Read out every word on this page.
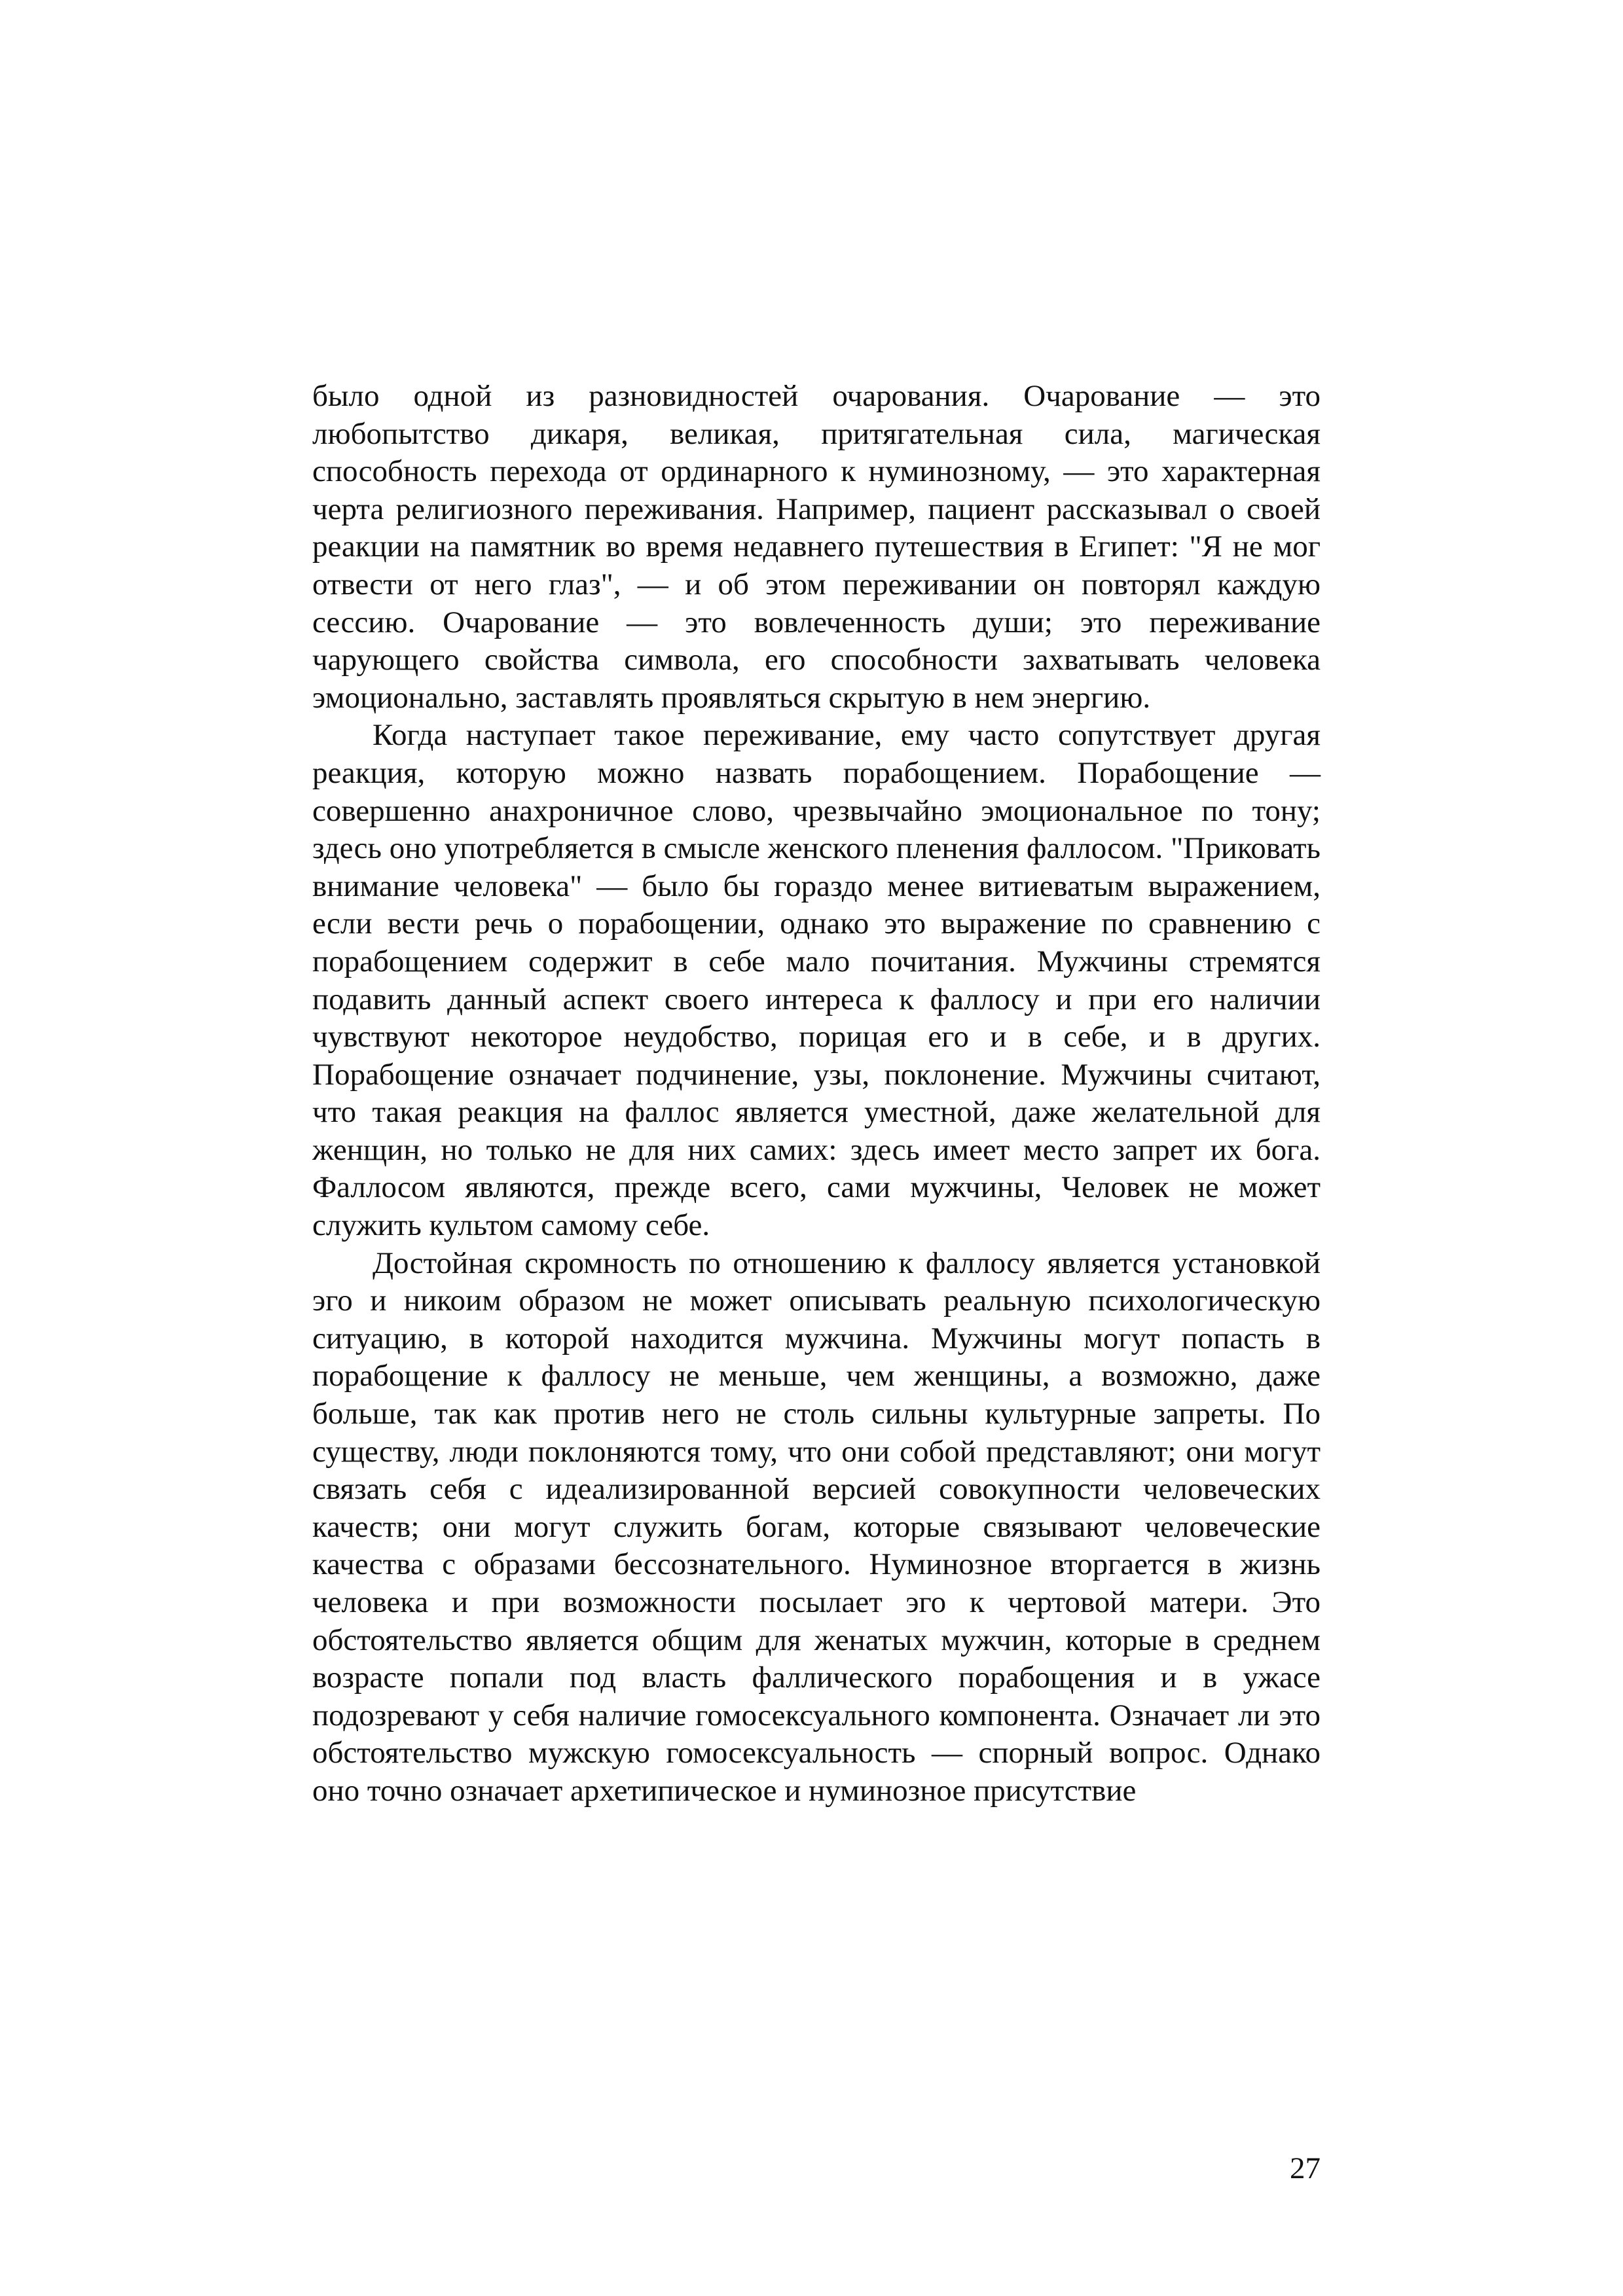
было одной из разновидностей очарования. Очарование — это любопытство дикаря, великая, притягательная сила, магическая способность перехода от ординарного к нуминозному, — это характерная черта религиозного переживания. Например, пациент рассказывал о своей реакции на памятник во время недавнего путешествия в Египет: "Я не мог отвести от него глаз", — и об этом переживании он повторял каждую сессию. Очарование — это вовлеченность души; это переживание чарующего свойства символа, его способности захватывать человека эмоционально, заставлять проявляться скрытую в нем энергию.

Когда наступает такое переживание, ему часто сопутствует другая реакция, которую можно назвать порабощением. Порабощение — совершенно анахроничное слово, чрезвычайно эмоциональное по тону; здесь оно употребляется в смысле женского пленения фаллосом. "Приковать внимание человека" — было бы гораздо менее витиеватым выражением, если вести речь о порабощении, однако это выражение по сравнению с порабощением содержит в себе мало почитания. Мужчины стремятся подавить данный аспект своего интереса к фаллосу и при его наличии чувствуют некоторое неудобство, порицая его и в себе, и в других. Порабощение означает подчинение, узы, поклонение. Мужчины считают, что такая реакция на фаллос является уместной, даже желательной для женщин, но только не для них самих: здесь имеет место запрет их бога. Фаллосом являются, прежде всего, сами мужчины, Человек не может служить культом самому себе.

Достойная скромность по отношению к фаллосу является установкой эго и никоим образом не может описывать реальную психологическую ситуацию, в которой находится мужчина. Мужчины могут попасть в порабощение к фаллосу не меньше, чем женщины, а возможно, даже больше, так как против него не столь сильны культурные запреты. По существу, люди поклоняются тому, что они собой представляют; они могут связать себя с идеализированной версией совокупности человеческих качеств; они могут служить богам, которые связывают человеческие качества с образами бессознательного. Нуминозное вторгается в жизнь человека и при возможности посылает эго к чертовой матери. Это обстоятельство является общим для женатых мужчин, которые в среднем возрасте попали под власть фаллического порабощения и в ужасе подозревают у себя наличие гомосексуального компонента. Означает ли это обстоятельство мужскую гомосексуальность — спорный вопрос. Однако оно точно означает архетипическое и нуминозное присутствие

27
